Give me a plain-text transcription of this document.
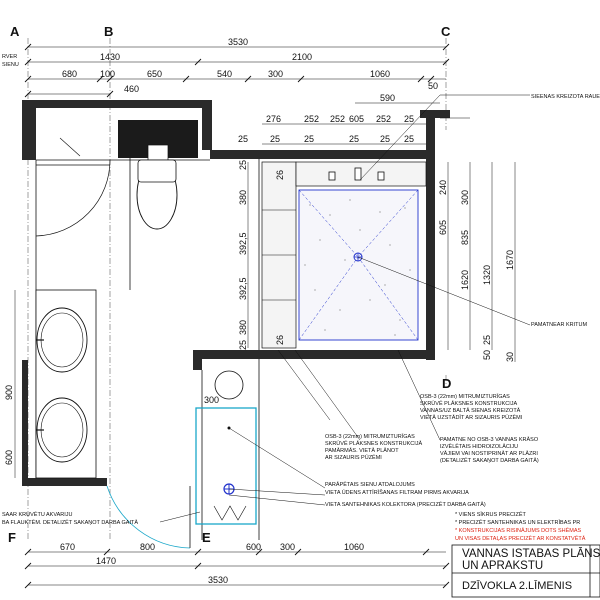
A	B	C
D
E
F
3530
1430	2100
680	100	650	540	300	1060
50
460
590
25
276
25
252
25
252 605
25
252
25
25
25
25
380
392,5
392,5
380
25
26
26
240
605
300
835
1620 1320
1670
25
50 30
900
600
300
RVER
SIENU
SIEENAS KREIZOTA RAUE
PAMATNEAR KRITUM
OSB-3 (22mm) MITRUMIZTURĪGAS
SKRŪVĒ PLĀKSNES KONSTRUKCIJA
VANNAS/UZ BALTĀ SIENAS KREIZOTĀ
VIETĀ UZSTĀDĪT AR SIZAURIS PŪZĒMI
OSB-3 (22mm) MITRUMIZTURĪGAS
SKRŪVĒ PLĀKSNES KONSTRUKCIJĀ
PAMĀRMĀS. VIETĀ PLĀNOT
AR SIZAURIS PŪZĒMI
PAMATNE NO OSB-3 VANNAS KRĀSO
IZVĒLĒTAIS HIDROIZOLĀCIJU
VĀJIEM VAI NOSTIPRINĀT AR PLĀZRI
(DETALIZĒT SAKAŅOT DARBA GAITĀ)
PARĀPĒTAIS SIENU ATDALOJUMS
VIETA ŪDENS ATTĪRĪŠANAS FILTRAM PIRMS AKVARIJA
VIETA SANTEHNIKAS KOLEKTORA (PRECIZĒT DARBA GAITĀ)
SAAR KRUVĒTU AKVARIJU
BA FLAUKTĒM. DETALIZĒT SAKAŅOT DARBA GAITĀ
* VIENS SĪKRUS PRECIZĒT
* PRECIZĒT SANTEHNIKAS UN ELEKTRĪBAS PR
* KONSTRUKCIJAS RISINĀJUMS DOTS SHĒMAS
UN VISAS DETAĻAS PRECIZĒT AR KONSTATVĒTĀ
670	800	600 300	1060
1470
3530
VANNAS ISTABAS PLĀNS
UN APRAKSTU
DZĪVOKLA 2.LĪMENIS
